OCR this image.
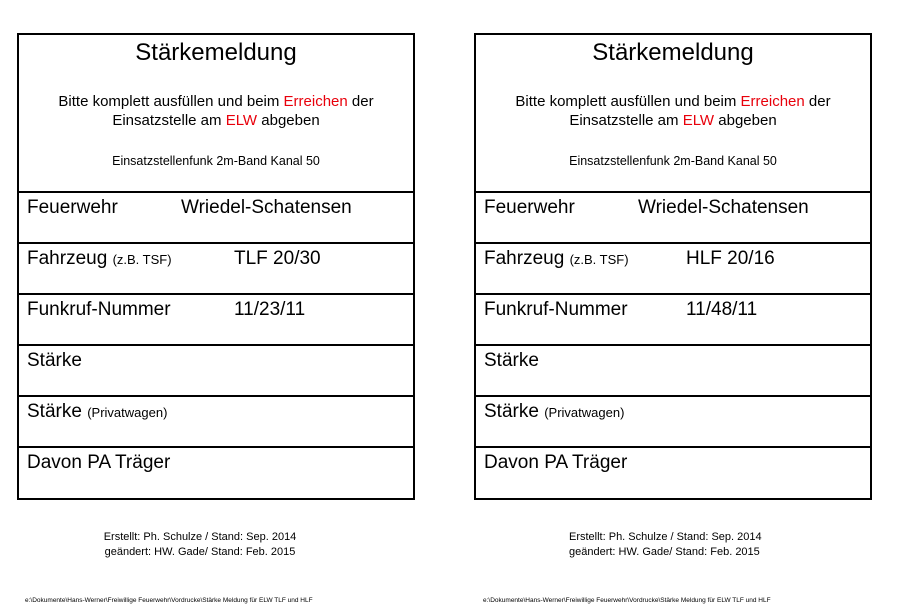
Stärkemeldung
Bitte komplett ausfüllen und beim Erreichen der
Einsatzstelle am ELW abgeben
Einsatzstellenfunk 2m-Band Kanal 50
Feuerwehr	Wriedel-Schatensen
Fahrzeug (z.B. TSF)	TLF 20/30
Funkruf-Nummer	11/23/11
Stärke
Stärke (Privatwagen)
Davon PA Träger
Stärkemeldung
Bitte komplett ausfüllen und beim Erreichen der
Einsatzstelle am ELW abgeben
Einsatzstellenfunk 2m-Band Kanal 50
Feuerwehr	Wriedel-Schatensen
Fahrzeug (z.B. TSF)	HLF 20/16
Funkruf-Nummer	11/48/11
Stärke
Stärke (Privatwagen)
Davon PA Träger
Erstellt: Ph. Schulze / Stand: Sep. 2014
geändert: HW. Gade/ Stand: Feb. 2015
Erstellt: Ph. Schulze / Stand: Sep. 2014
geändert: HW. Gade/ Stand: Feb. 2015
e:\Dokumente\Hans-Werner\Freiwillige Feuerwehr\Vordrucke\Stärke Meldung für ELW TLF und HLF	e:\Dokumente\Hans-Werner\Freiwillige Feuerwehr\Vordrucke\Stärke Meldung für ELW TLF und HLF
